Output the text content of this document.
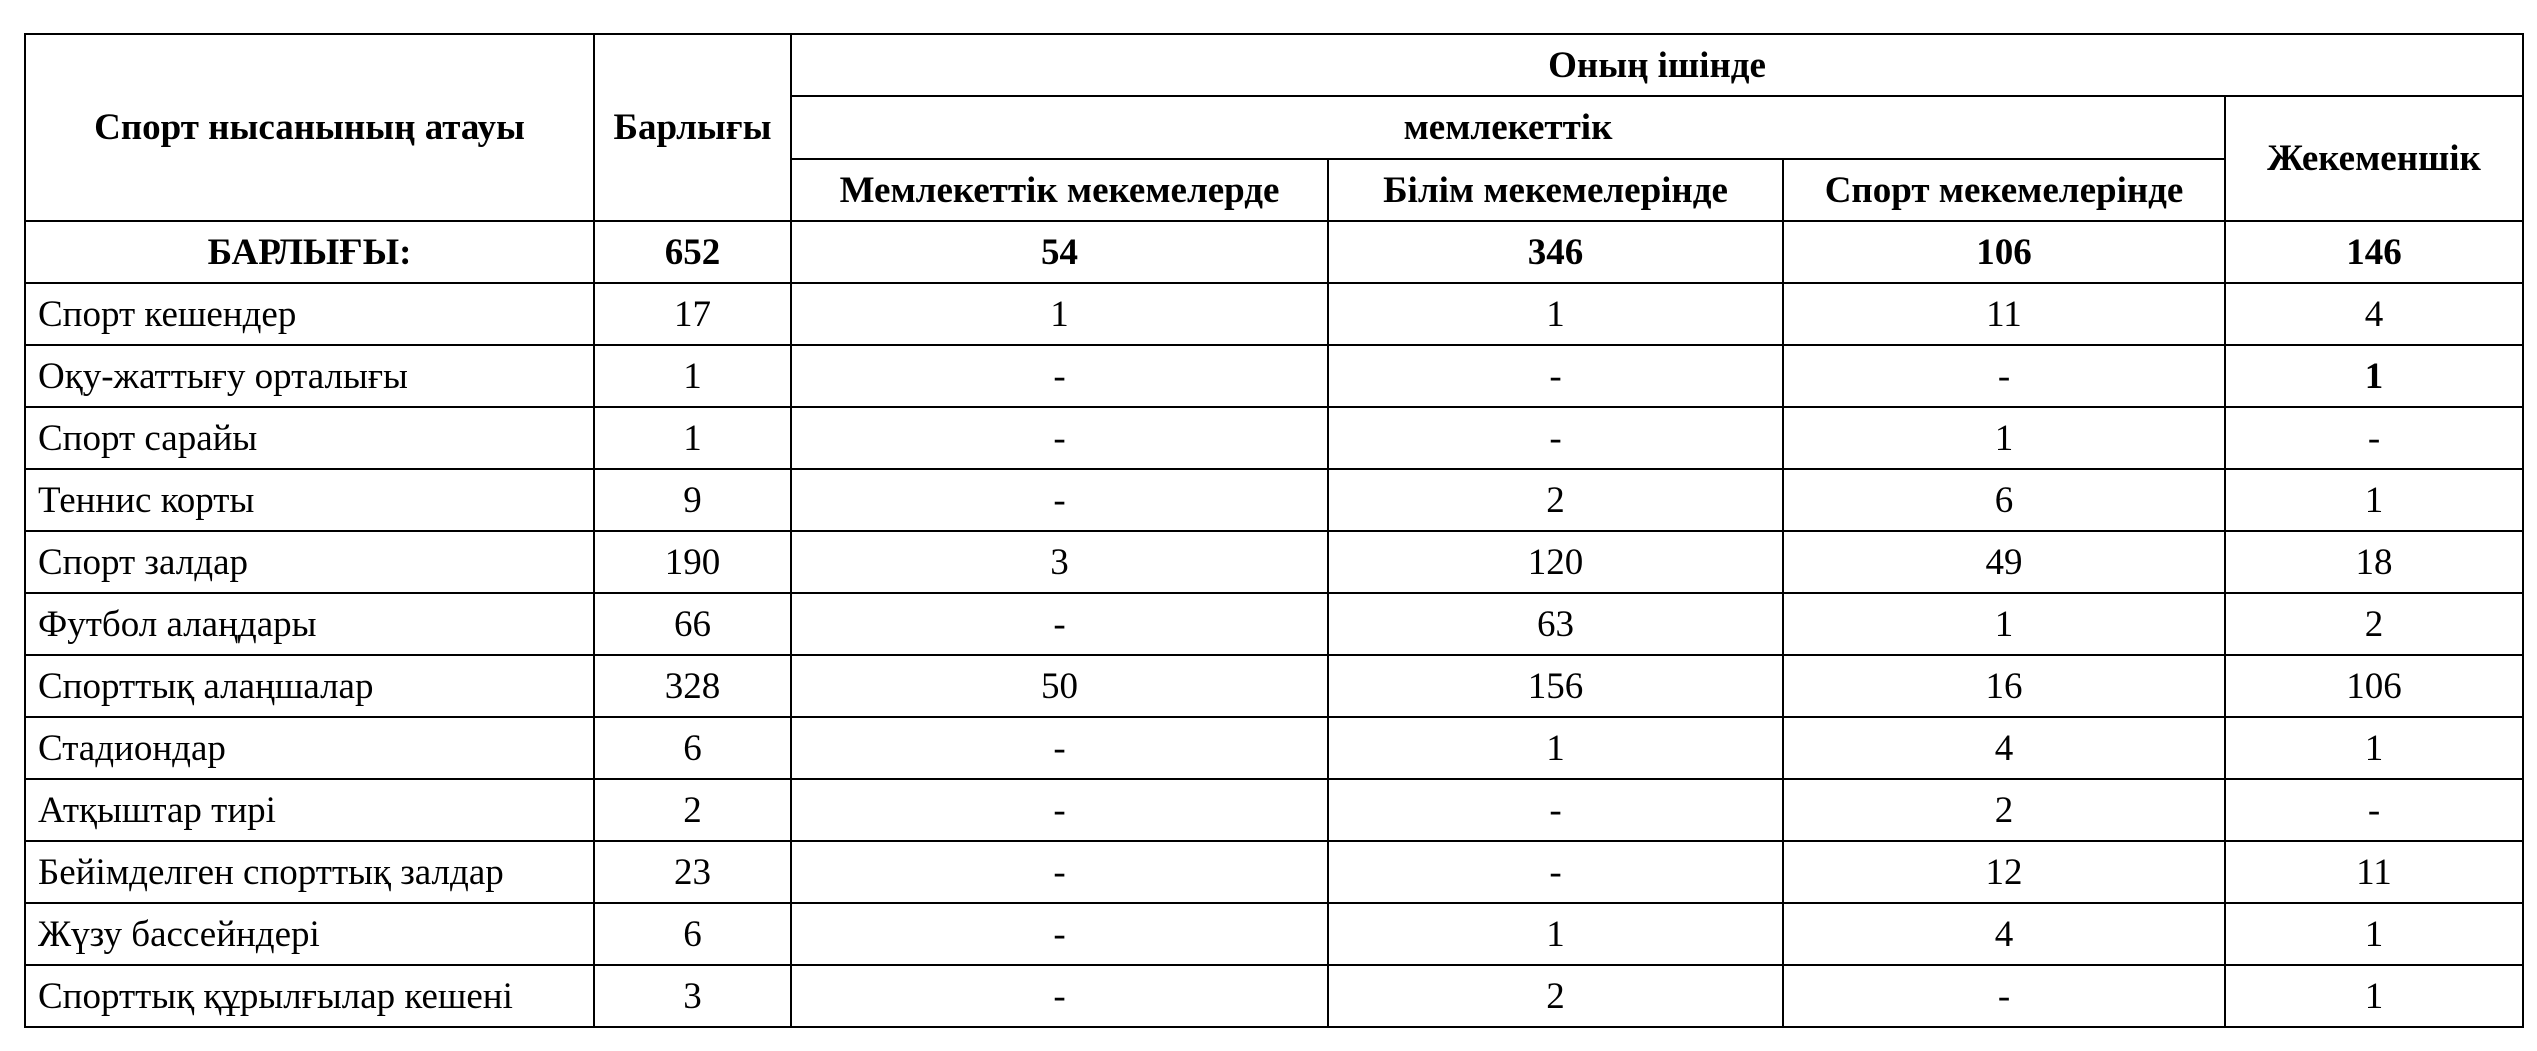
Спорт нысанының атауы	Барлығы	Оның ішінде			
		мемлекеттік			Жекеменшік
		Мемлекеттік мекемелерде	Білім мекемелерінде	Спорт мекемелерінде	
БАРЛЫҒЫ:	652	54	346	106	146
Спорт кешендер	17	1	1	11	4
Оқу-жаттығу орталығы	1	-	-	-	1
Спорт сарайы	1	-	-	1	-
Теннис корты	9	-	2	6	1
Спорт залдар	190	3	120	49	18
Футбол алаңдары	66	-	63	1	2
Спорттық алаңшалар	328	50	156	16	106
Стадиондар	6	-	1	4	1
Атқыштар тирі	2	-	-	2	-
Бейімделген спорттық залдар	23	-	-	12	11
Жүзу бассейндері	6	-	1	4	1
Спорттық құрылғылар кешені	3	-	2	-	1
